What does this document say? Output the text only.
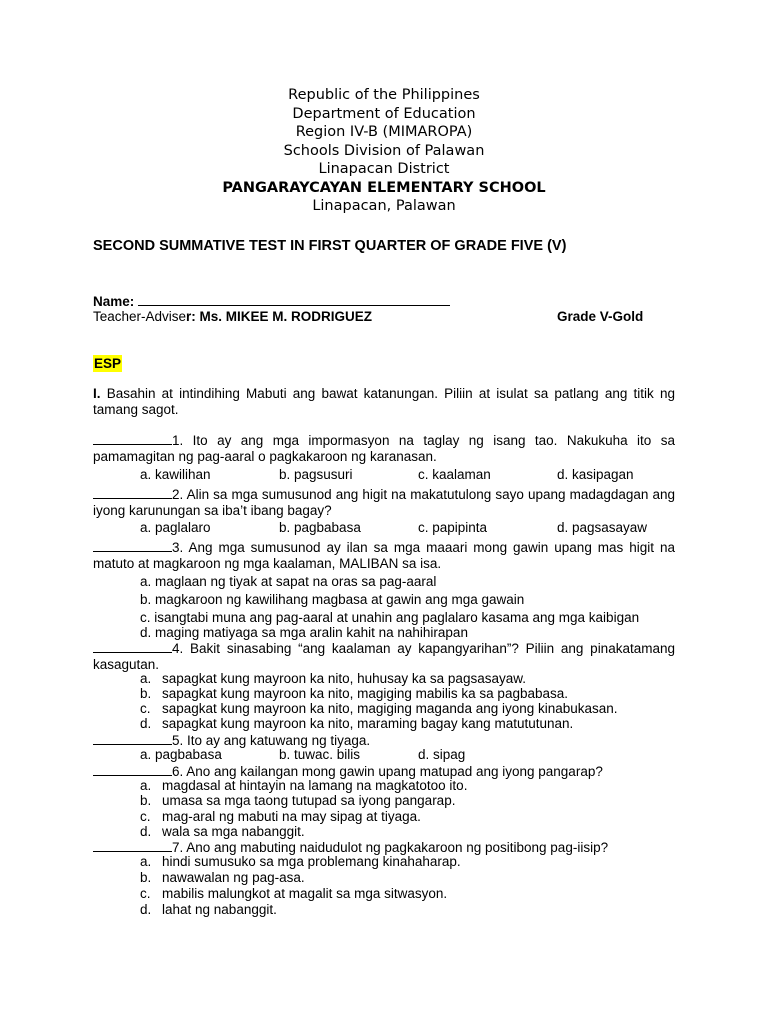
Republic of the Philippines
Department of Education
Region IV-B (MIMAROPA)
Schools Division of Palawan
Linapacan District
PANGARAYCAYAN ELEMENTARY SCHOOL
Linapacan, Palawan
SECOND SUMMATIVE TEST IN FIRST QUARTER OF GRADE FIVE (V)
Name:
Teacher-Adviser: Ms. MIKEE M. RODRIGUEZ	Grade V-Gold
ESP
I. Basahin at intindihing Mabuti ang bawat katanungan. Piliin at isulat sa patlang ang titik ng tamang sagot.
1. Ito ay ang mga impormasyon na taglay ng isang tao. Nakukuha ito sa pamamagitan ng pag-aaral o pagkakaroon ng karanasan.
a. kawilihan	b. pagsusuri	c. kaalaman	d. kasipagan
2. Alin sa mga sumusunod ang higit na makatutulong sayo upang madagdagan ang iyong karunungan sa iba’t ibang bagay?
a. paglalaro	b. pagbabasa	c. papipinta	d. pagsasayaw
3. Ang mga sumusunod ay ilan sa mga maaari mong gawin upang mas higit na matuto at magkaroon ng mga kaalaman, MALIBAN sa isa.
a. maglaan ng tiyak at sapat na oras sa pag-aaral
b. magkaroon ng kawilihang magbasa at gawin ang mga gawain
c. isangtabi muna ang pag-aaral at unahin ang paglalaro kasama ang mga kaibigan
d. maging matiyaga sa mga aralin kahit na nahihirapan
4. Bakit sinasabing “ang kaalaman ay kapangyarihan”? Piliin ang pinakatamang kasagutan.
a. sapagkat kung mayroon ka nito, huhusay ka sa pagsasayaw.
b. sapagkat kung mayroon ka nito, magiging mabilis ka sa pagbabasa.
c. sapagkat kung mayroon ka nito, magiging maganda ang iyong kinabukasan.
d. sapagkat kung mayroon ka nito, maraming bagay kang matututunan.
5. Ito ay ang katuwang ng tiyaga.
a. pagbabasa	b. tuwac. bilis	d. sipag
6. Ano ang kailangan mong gawin upang matupad ang iyong pangarap?
a. magdasal at hintayin na lamang na magkatotoo ito.
b. umasa sa mga taong tutupad sa iyong pangarap.
c. mag-aral ng mabuti na may sipag at tiyaga.
d. wala sa mga nabanggit.
7. Ano ang mabuting naidudulot ng pagkakaroon ng positibong pag-iisip?
a. hindi sumusuko sa mga problemang kinahaharap.
b. nawawalan ng pag-asa.
c. mabilis malungkot at magalit sa mga sitwasyon.
d. lahat ng nabanggit.
